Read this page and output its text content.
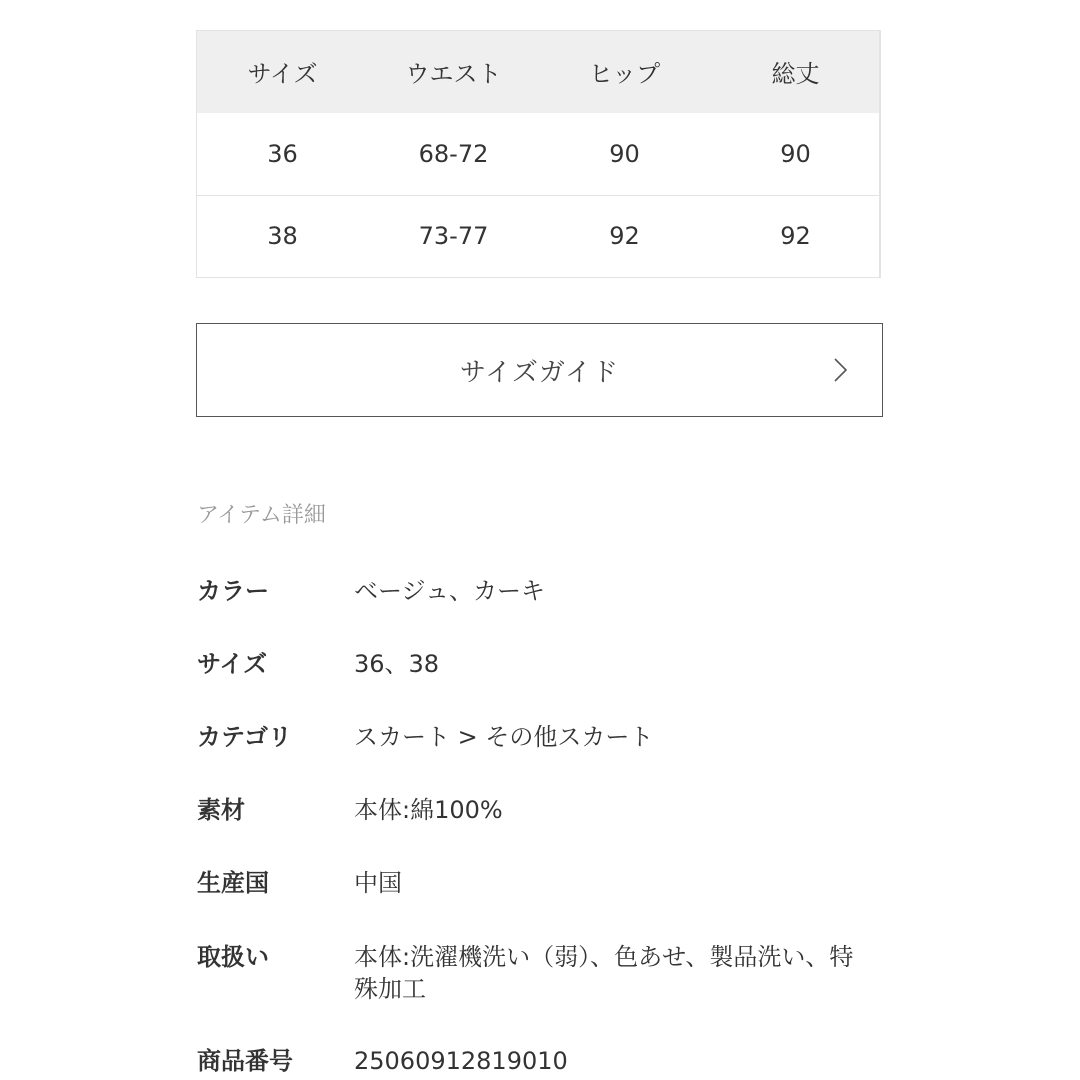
サイズ	ウエスト	ヒップ	総丈
36	68-72	90	90
38	73-77	92	92
サイズガイド
アイテム詳細
カラー	ベージュ、カーキ
サイズ	36、38
カテゴリ	スカート > その他スカート
素材	本体:綿100%
生産国	中国
取扱い	本体:洗濯機洗い（弱）、色あせ、製品洗い、特殊加工
商品番号	25060912819010
